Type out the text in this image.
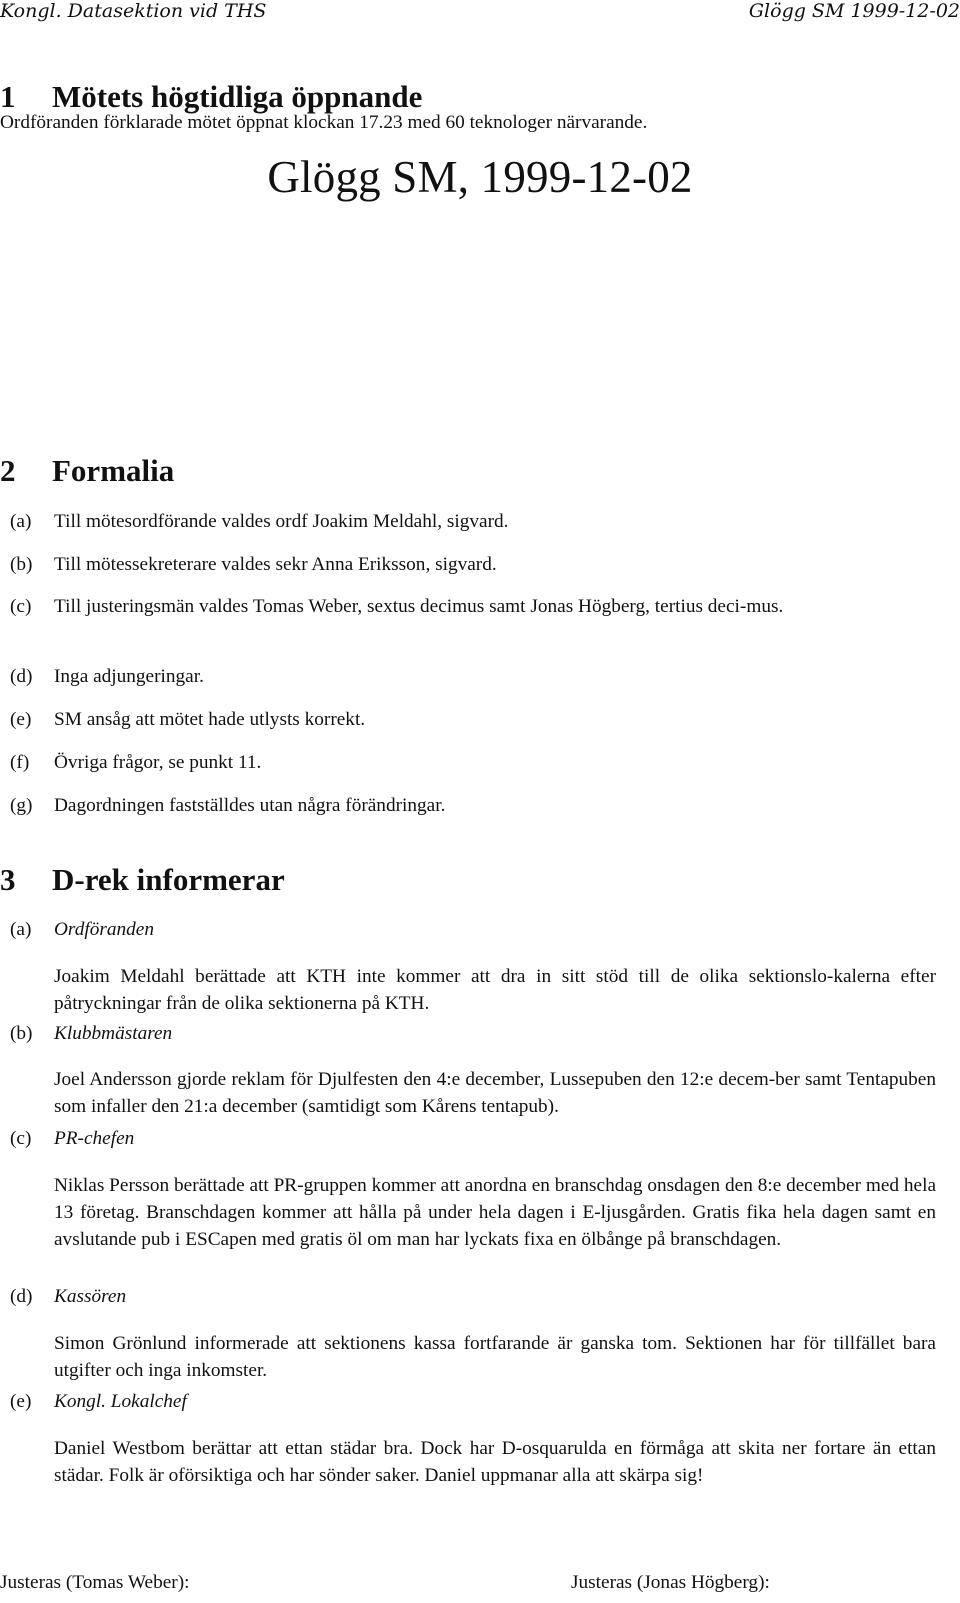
Kongl. Datasektion vid THS	Glögg SM 1999-12-02
Glögg SM, 1999-12-02
1 Mötets högtidliga öppnande
Ordföranden förklarade mötet öppnat klockan 17.23 med 60 teknologer närvarande.
2 Formalia
(a) Till mötesordförande valdes ordf Joakim Meldahl, sigvard.
(b) Till mötessekreterare valdes sekr Anna Eriksson, sigvard.
(c) Till justeringsmän valdes Tomas Weber, sextus decimus samt Jonas Högberg, tertius deci-mus.
(d) Inga adjungeringar.
(e) SM ansåg att mötet hade utlysts korrekt.
(f) Övriga frågor, se punkt 11.
(g) Dagordningen fastställdes utan några förändringar.
3 D-rek informerar
(a) Ordföranden
Joakim Meldahl berättade att KTH inte kommer att dra in sitt stöd till de olika sektionslo-kalerna efter påtryckningar från de olika sektionerna på KTH.
(b) Klubbmästaren
Joel Andersson gjorde reklam för Djulfesten den 4:e december, Lussepuben den 12:e decem-ber samt Tentapuben som infaller den 21:a december (samtidigt som Kårens tentapub).
(c) PR-chefen
Niklas Persson berättade att PR-gruppen kommer att anordna en branschdag onsdagen den 8:e december med hela 13 företag. Branschdagen kommer att hålla på under hela dagen i E-ljusgården. Gratis fika hela dagen samt en avslutande pub i ESCapen med gratis öl om man har lyckats fixa en ölbånge på branschdagen.
(d) Kassören
Simon Grönlund informerade att sektionens kassa fortfarande är ganska tom. Sektionen har för tillfället bara utgifter och inga inkomster.
(e) Kongl. Lokalchef
Daniel Westbom berättar att ettan städar bra. Dock har D-osquarulda en förmåga att skita ner fortare än ettan städar. Folk är oförsiktiga och har sönder saker. Daniel uppmanar alla att skärpa sig!
Justeras (Tomas Weber):	Justeras (Jonas Högberg):
